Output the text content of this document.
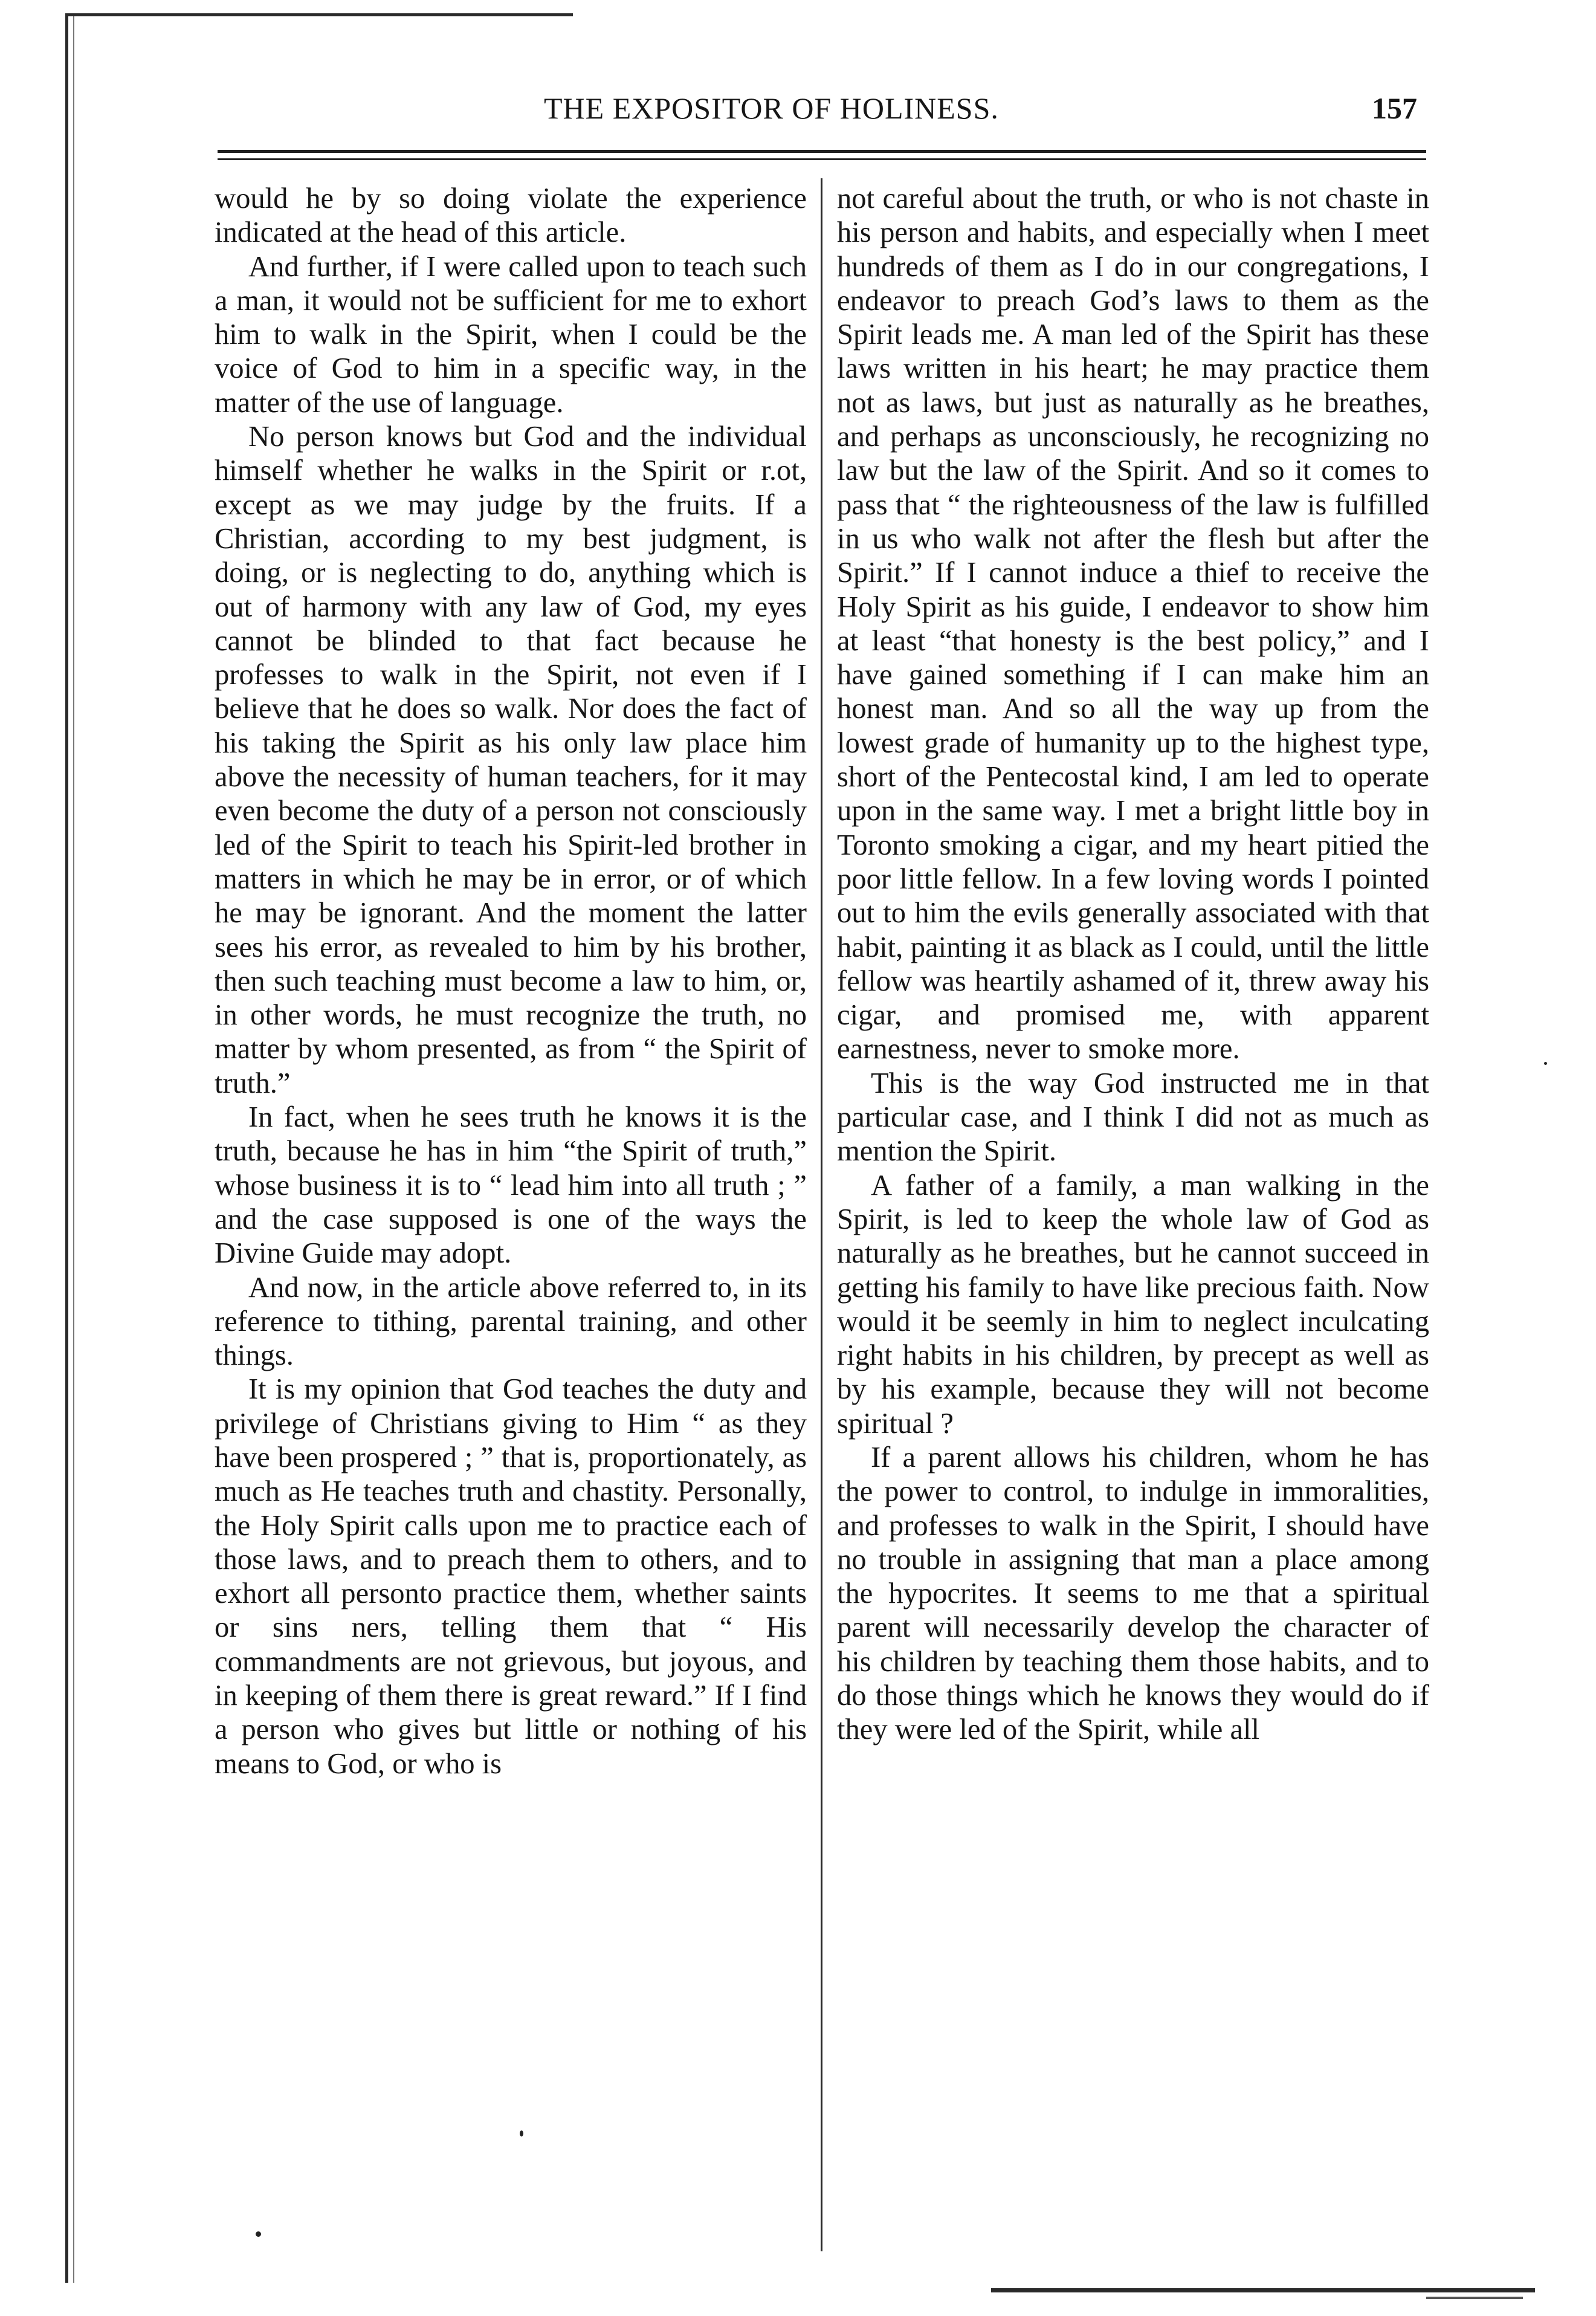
THE EXPOSITOR OF HOLINESS.	157

would he by so doing violate the experience indicated at the head of this article.

And further, if I were called upon to teach such a man, it would not be sufficient for me to exhort him to walk in the Spirit, when I could be the voice of God to him in a specific way, in the matter of the use of language.

No person knows but God and the individual himself whether he walks in the Spirit or r.ot, except as we may judge by the fruits. If a Christian, according to my best judgment, is doing, or is neglecting to do, anything which is out of harmony with any law of God, my eyes cannot be blinded to that fact because he professes to walk in the Spirit, not even if I believe that he does so walk. Nor does the fact of his taking the Spirit as his only law place him above the necessity of human teachers, for it may even become the duty of a person not consciously led of the Spirit to teach his Spirit-led brother in matters in which he may be in error, or of which he may be ignorant. And the moment the latter sees his error, as revealed to him by his brother, then such teaching must become a law to him, or, in other words, he must recognize the truth, no matter by whom presented, as from “ the Spirit of truth.”

In fact, when he sees truth he knows it is the truth, because he has in him “the Spirit of truth,” whose business it is to “ lead him into all truth ; ” and the case supposed is one of the ways the Divine Guide may adopt.

And now, in the article above referred to, in its reference to tithing, parental training, and other things.

It is my opinion that God teaches the duty and privilege of Christians giving to Him “ as they have been prospered ; ” that is, proportionately, as much as He teaches truth and chastity. Personally, the Holy Spirit calls upon me to practice each of those laws, and to preach them to others, and to exhort all personto practice them, whether saints or sins ners, telling them that “ His commandments are not grievous, but joyous, and in keeping of them there is great reward.” If I find a person who gives but little or nothing of his means to God, or who is

not careful about the truth, or who is not chaste in his person and habits, and especially when I meet hundreds of them as I do in our congregations, I endeavor to preach God’s laws to them as the Spirit leads me. A man led of the Spirit has these laws written in his heart; he may practice them not as laws, but just as naturally as he breathes, and perhaps as unconsciously, he recognizing no law but the law of the Spirit. And so it comes to pass that “ the righteousness of the law is fulfilled in us who walk not after the flesh but after the Spirit.” If I cannot induce a thief to receive the Holy Spirit as his guide, I endeavor to show him at least “that honesty is the best policy,” and I have gained something if I can make him an honest man. And so all the way up from the lowest grade of humanity up to the highest type, short of the Pentecostal kind, I am led to operate upon in the same way. I met a bright little boy in Toronto smoking a cigar, and my heart pitied the poor little fellow. In a few loving words I pointed out to him the evils generally associated with that habit, painting it as black as I could, until the little fellow was heartily ashamed of it, threw away his cigar, and promised me, with apparent earnestness, never to smoke more.

This is the way God instructed me in that particular case, and I think I did not as much as mention the Spirit.

A father of a family, a man walking in the Spirit, is led to keep the whole law of God as naturally as he breathes, but he cannot succeed in getting his family to have like precious faith. Now would it be seemly in him to neglect inculcating right habits in his children, by precept as well as by his example, because they will not become spiritual ?

If a parent allows his children, whom he has the power to control, to indulge in immoralities, and professes to walk in the Spirit, I should have no trouble in assigning that man a place among the hypocrites. It seems to me that a spiritual parent will necessarily develop the character of his children by teaching them those habits, and to do those things which he knows they would do if they were led of the Spirit, while all
